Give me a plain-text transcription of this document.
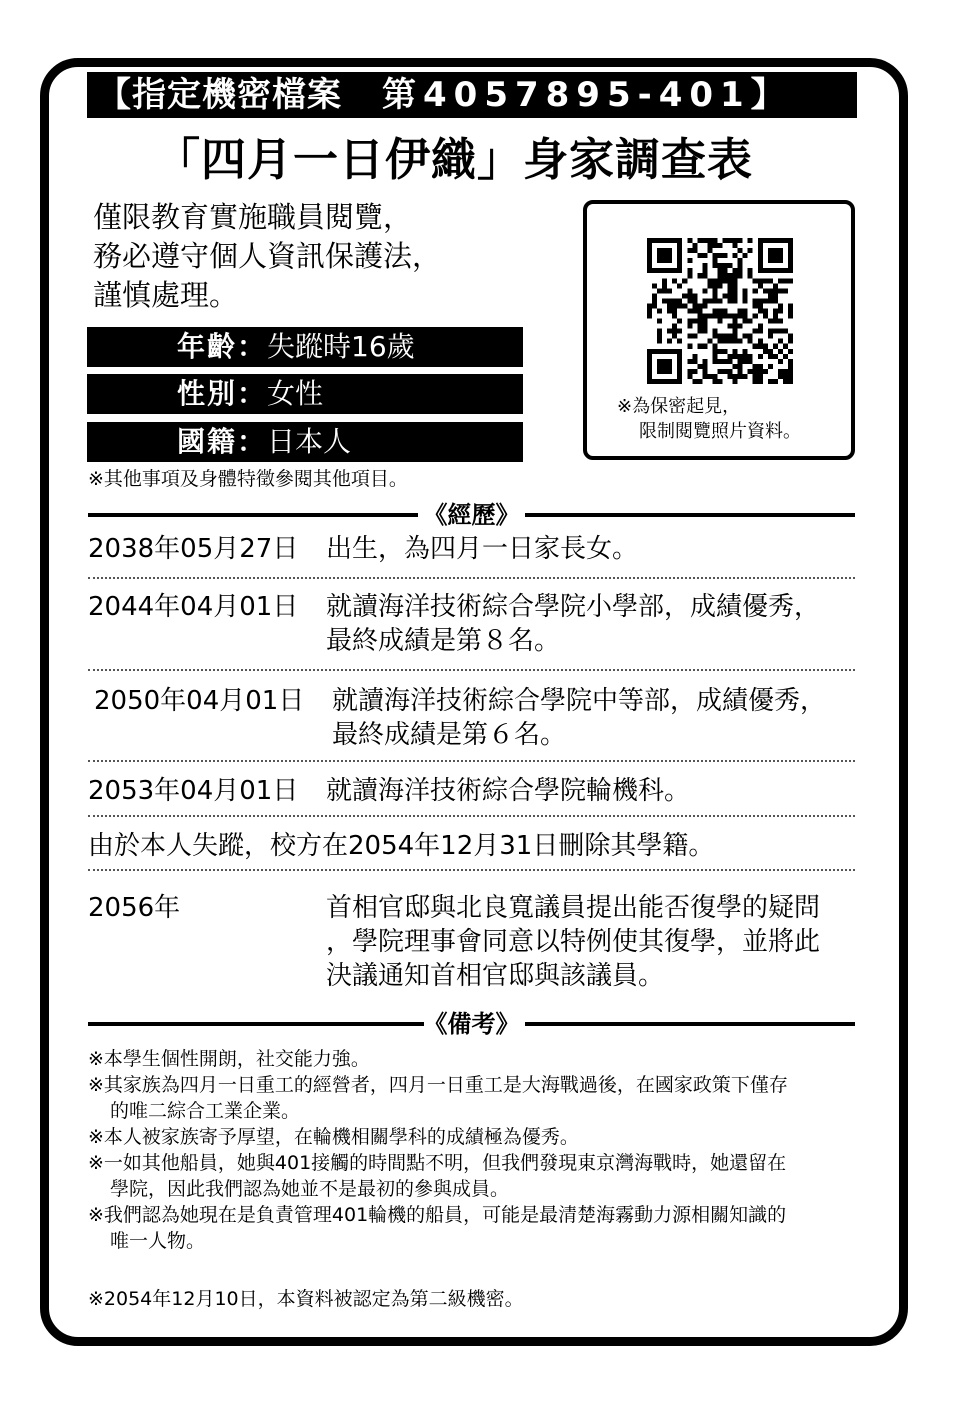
【指定機密檔案 第4057895-401】
「四月一日伊織」身家調查表
僅限教育實施職員閱覽，
務必遵守個人資訊保護法，
謹慎處理。
年齡：失蹤時16歲
性別：女性
國籍：日本人
※其他事項及身體特徵參閱其他項目。
※為保密起見，
限制閱覽照片資料。
《經歷》
2038年05月27日 出生，為四月一日家長女。
2044年04月01日 就讀海洋技術綜合學院小學部，成績優秀，
最終成績是第８名。
2050年04月01日 就讀海洋技術綜合學院中等部，成績優秀，
最終成績是第６名。
2053年04月01日 就讀海洋技術綜合學院輪機科。
由於本人失蹤，校方在2054年12月31日刪除其學籍。
2056年	首相官邸與北良寬議員提出能否復學的疑問
，學院理事會同意以特例使其復學，並將此
決議通知首相官邸與該議員。
《備考》
※本學生個性開朗，社交能力強。
※其家族為四月一日重工的經營者，四月一日重工是大海戰過後，在國家政策下僅存
的唯二綜合工業企業。
※本人被家族寄予厚望，在輪機相關學科的成績極為優秀。
※一如其他船員，她與401接觸的時間點不明，但我們發現東京灣海戰時，她還留在
學院，因此我們認為她並不是最初的參與成員。
※我們認為她現在是負責管理401輪機的船員，可能是最清楚海霧動力源相關知識的
唯一人物。
※2054年12月10日，本資料被認定為第二級機密。
